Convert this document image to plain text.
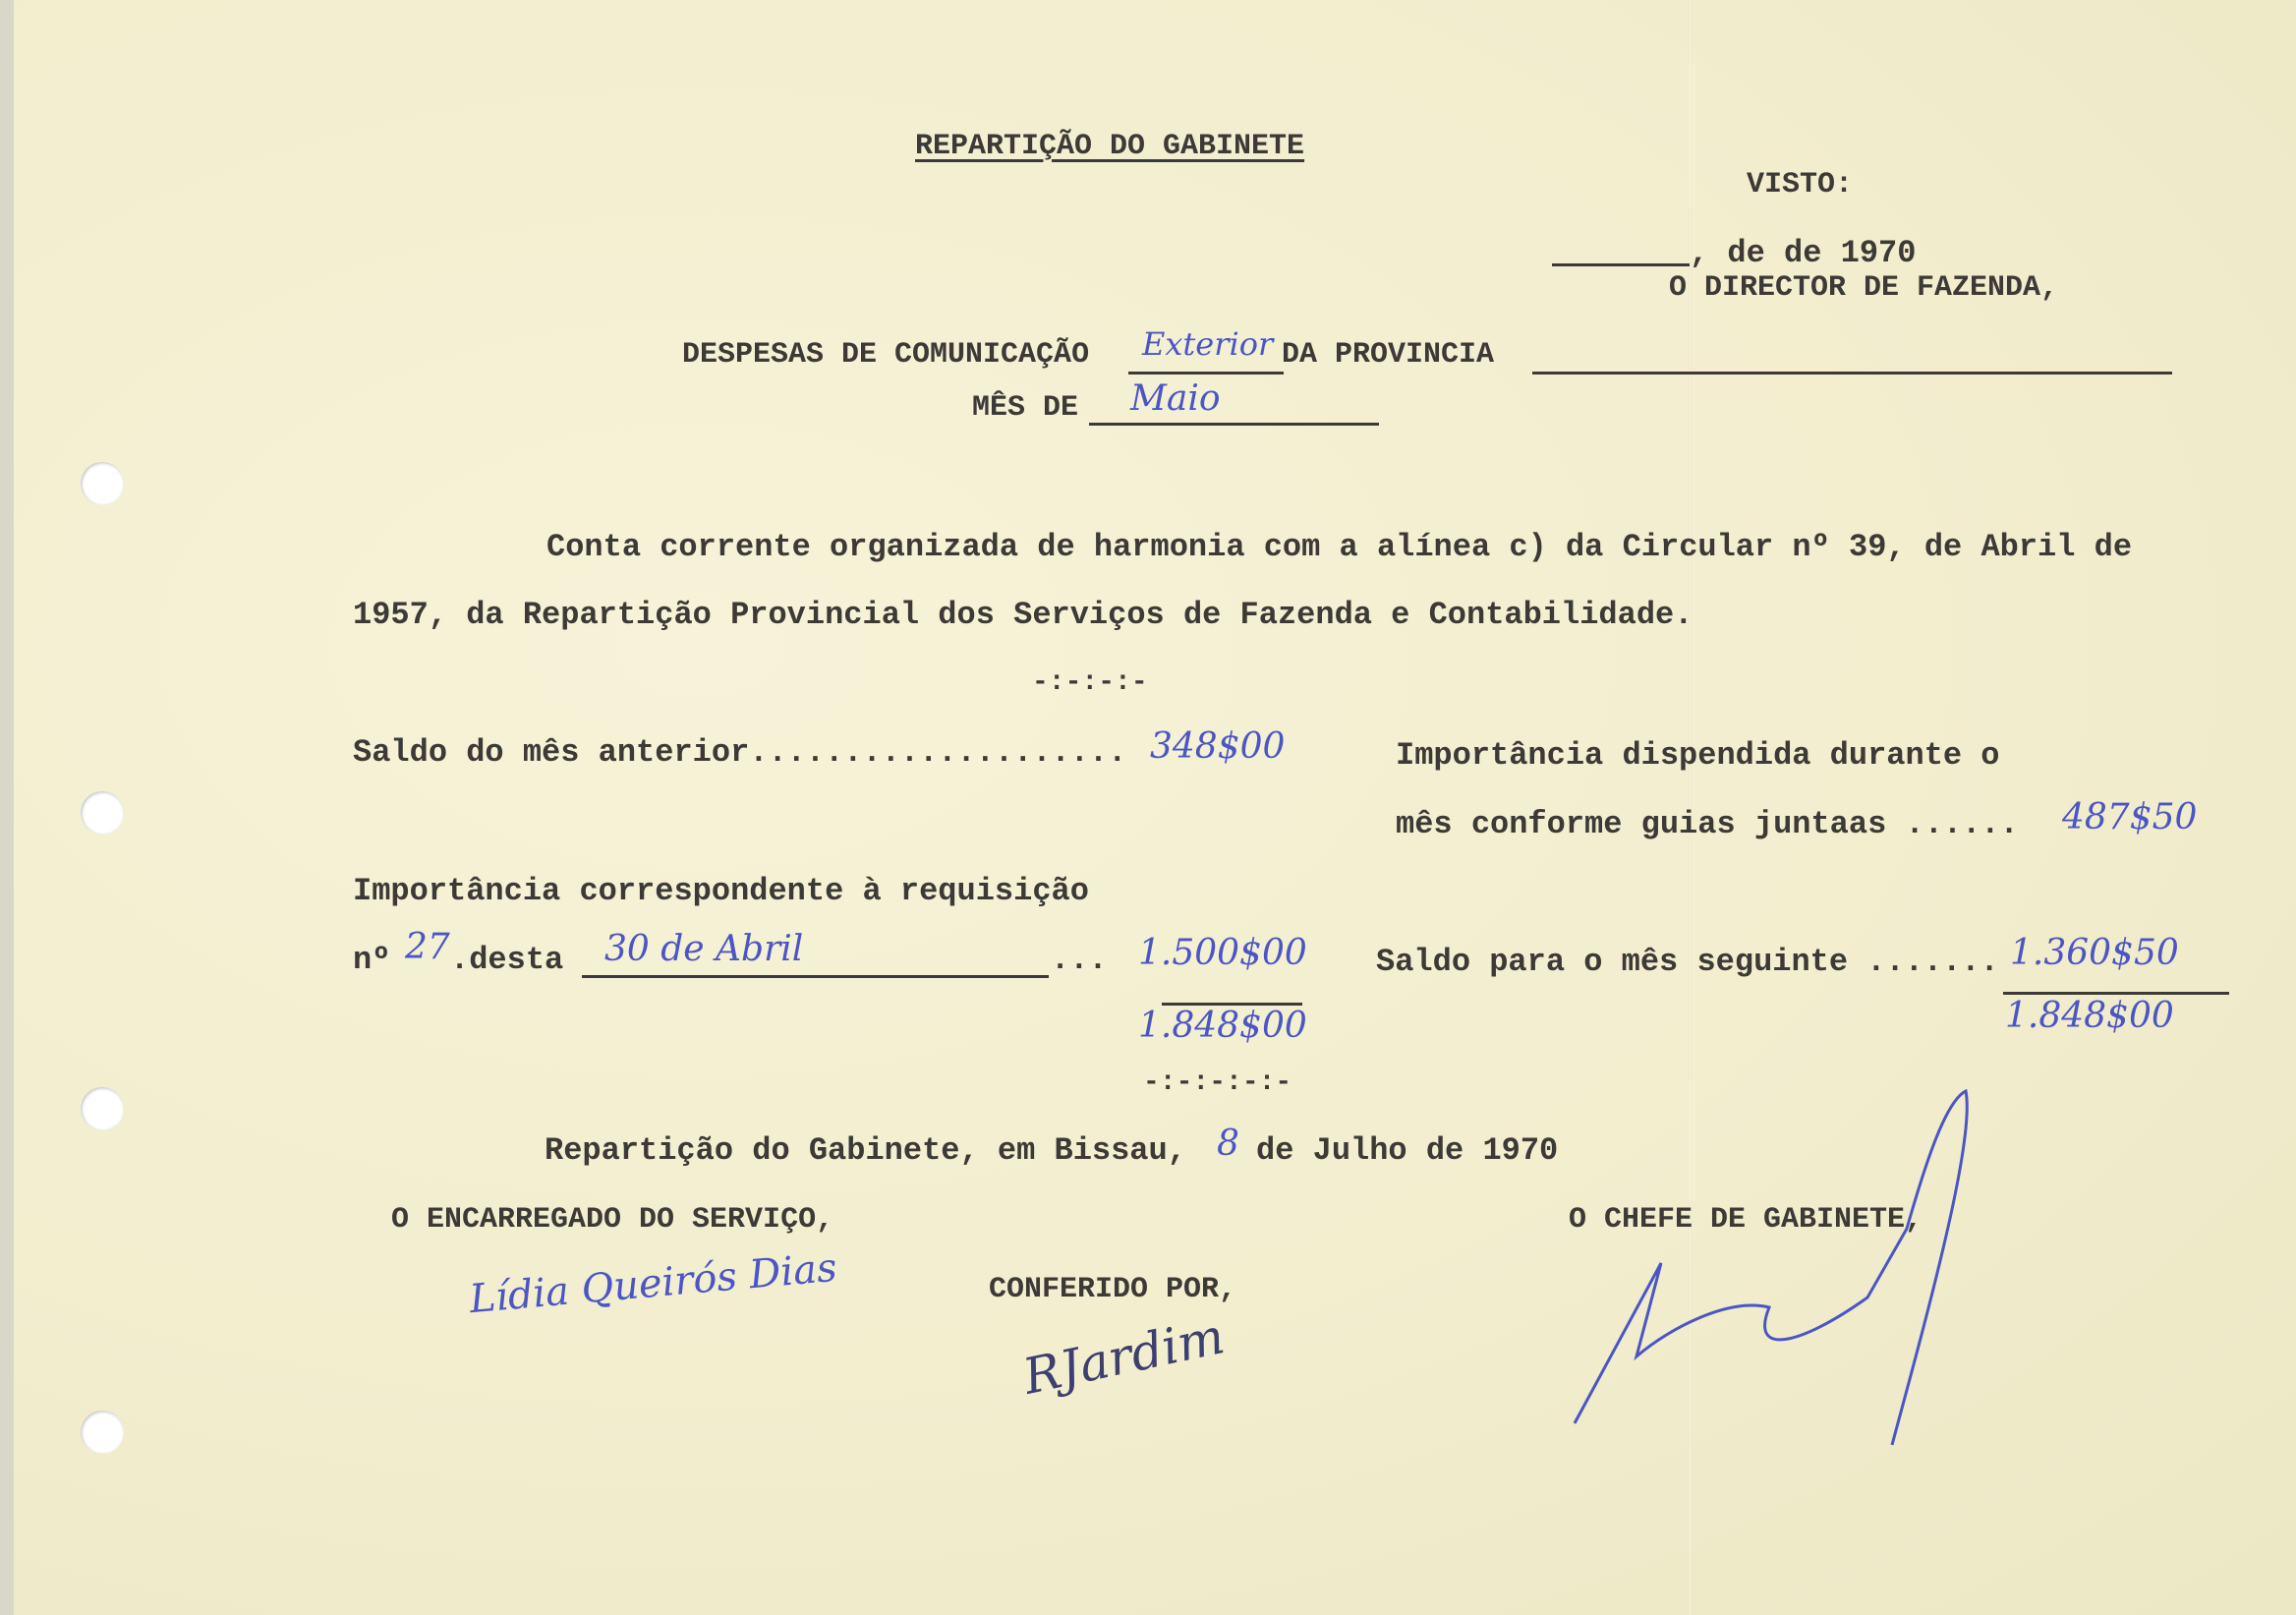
REPARTIÇÃO DO GABINETE
VISTO:
, de de 1970
O DIRECTOR DE FAZENDA,
DESPESAS DE COMUNICAÇÃO Exterior DA PROVINCIA
MÊS DE Maio
Conta corrente organizada de harmonia com a alínea c) da Circular nº 39, de Abril de
1957, da Repartição Provincial dos Serviços de Fazenda e Contabilidade.
-:-:-:-
Saldo do mês anterior.................... 348$00
Importância correspondente à requisição
nº 27 .desta 30 de Abril	... 1.500$00
1.848$00
Importância dispendida durante o
mês conforme guias juntaas ...... 487$50
Saldo para o mês seguinte ....... 1.360$50
1.848$00
-:-:-:-:-
Repartição do Gabinete, em Bissau, 8 de Julho de 1970
O ENCARREGADO DO SERVIÇO,
Lídia Queirós Dias	CONFERIDO POR,
RJardim
O CHEFE DE GABINETE,
